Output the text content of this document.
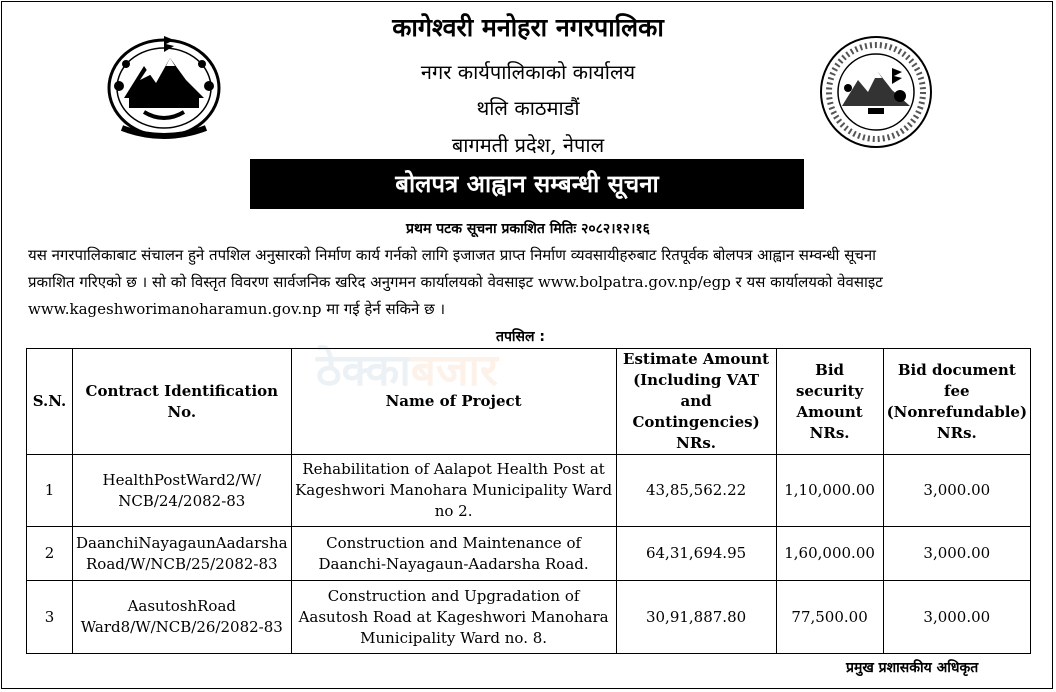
कागेश्वरी मनोहरा नगरपालिका
नगर कार्यपालिकाको कार्यालय
थलि काठमाडौं
बागमती प्रदेश, नेपाल
बोलपत्र आह्वान सम्बन्धी सूचना
प्रथम पटक सूचना प्रकाशित मितिः २०८२।१२।१६
यस नगरपालिकाबाट संचालन हुने तपशिल अनुसारको निर्माण कार्य गर्नको लागि इजाजत प्राप्त निर्माण व्यवसायीहरुबाट रितपूर्वक बोलपत्र आह्वान सम्वन्धी सूचना
प्रकाशित गरिएको छ । सो को विस्तृत विवरण सार्वजनिक खरिद अनुगमन कार्यालयको वेवसाइट www.bolpatra.gov.np/egp र यस कार्यालयको वेवसाइट
www.kageshworimanoharamun.gov.np मा गई हेर्न सकिने छ ।
तपसिल :
S.N.	Contract Identification No.	Name of Project	Estimate Amount (Including VAT and Contingencies) NRs.	Bid security Amount NRs.	Bid document fee (Nonrefundable) NRs.
1	HealthPostWard2/W/ NCB/24/2082-83	Rehabilitation of Aalapot Health Post at Kageshwori Manohara Municipality Ward no 2.	43,85,562.22	1,10,000.00	3,000.00
2	DaanchiNayagaunAadarsha Road/W/NCB/25/2082-83	Construction and Maintenance of Daanchi-Nayagaun-Aadarsha Road.	64,31,694.95	1,60,000.00	3,000.00
3	AasutoshRoad Ward8/W/NCB/26/2082-83	Construction and Upgradation of Aasutosh Road at Kageshwori Manohara Municipality Ward no. 8.	30,91,887.80	77,500.00	3,000.00
ठेक्काबजार
प्रमुख प्रशासकीय अधिकृत
